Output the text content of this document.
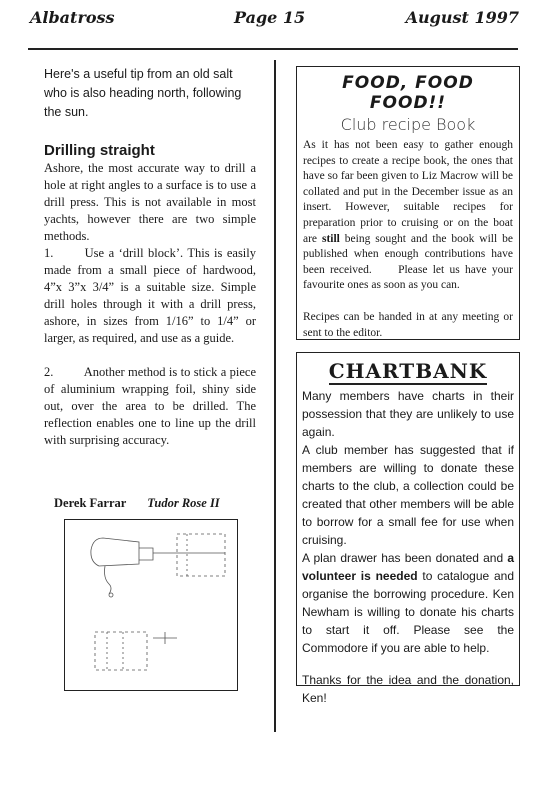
Albatross	Page 15	August 1997

Here's a useful tip from an old salt who is also heading north, following the sun.

Drilling straight

Ashore, the most accurate way to drill a hole at right angles to a surface is to use a drill press. This is not available in most yachts, however there are two simple methods.

1.       Use a ‘drill block’. This is easily made from a small piece of hardwood, 4”x 3”x 3/4” is a suitable size. Simple drill holes through it with a drill press, ashore, in sizes from 1/16” to 1/4” or larger, as required, and use as a guide.

2.         Another method is to stick a piece of aluminium wrapping foil, shiny side out, over the area to be drilled. The reflection enables one to line up the drill with surprising accuracy.

Derek Farrar Tudor Rose II

FOOD, FOOD FOOD!!

Club recipe Book

As it has not been easy to gather enough recipes to create a recipe book, the ones that have so far been given to Liz Macrow will be collated and put in the December issue as an insert. However, suitable recipes for preparation prior to cruising or on the boat are still being sought and the book will be published when enough contributions have been received.     Please let us have your favourite ones as soon as you can.

Recipes can be handed in at any meeting or sent to the editor.

CHARTBANK

Many members have charts in their possession that they are unlikely to use again.

A club member has suggested that if members are willing to donate these charts to the club, a collection could be created that other members will be able to borrow for a small fee for use when cruising.

A plan drawer has been donated and a volunteer is needed to catalogue and organise the borrowing procedure. Ken Newham is willing to donate his charts to start it off. Please see the Commodore if you are able to help.

Thanks for the idea and the donation, Ken!
